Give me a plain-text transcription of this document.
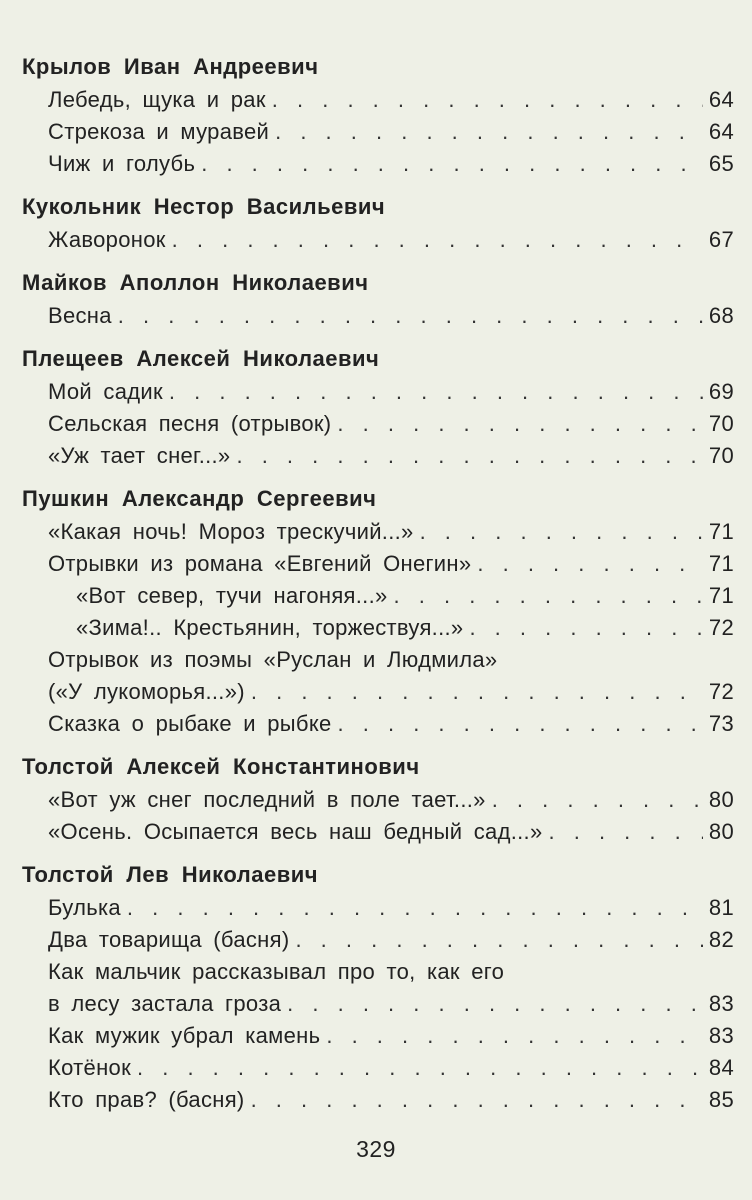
Крылов Иван Андреевич
Лебедь, щука и рак . . .	64
Стрекоза и муравей . . .	64
Чиж и голубь . . .	65
Кукольник Нестор Васильевич
Жаворонок . . .	67
Майков Аполлон Николаевич
Весна . . .	68
Плещеев Алексей Николаевич
Мой садик . . .	69
Сельская песня (отрывок) . . .	70
«Уж тает снег...» . . .	70
Пушкин Александр Сергеевич
«Какая ночь! Мороз трескучий...» . . .	71
Отрывки из романа «Евгений Онегин» . . .	71
«Вот север, тучи нагоняя...» . . .	71
«Зима!.. Крестьянин, торжествуя...» . . .	72
Отрывок из поэмы «Руслан и Людмила»
(«У лукоморья...») . . .	72
Сказка о рыбаке и рыбке . . .	73
Толстой Алексей Константинович
«Вот уж снег последний в поле тает...» . . .	80
«Осень. Осыпается весь наш бедный сад...» . . .	80
Толстой Лев Николаевич
Булька . . .	81
Два товарища (басня) . . .	82
Как мальчик рассказывал про то, как его
в лесу застала гроза . . .	83
Как мужик убрал камень . . .	83
Котёнок . . .	84
Кто прав? (басня) . . .	85
329
